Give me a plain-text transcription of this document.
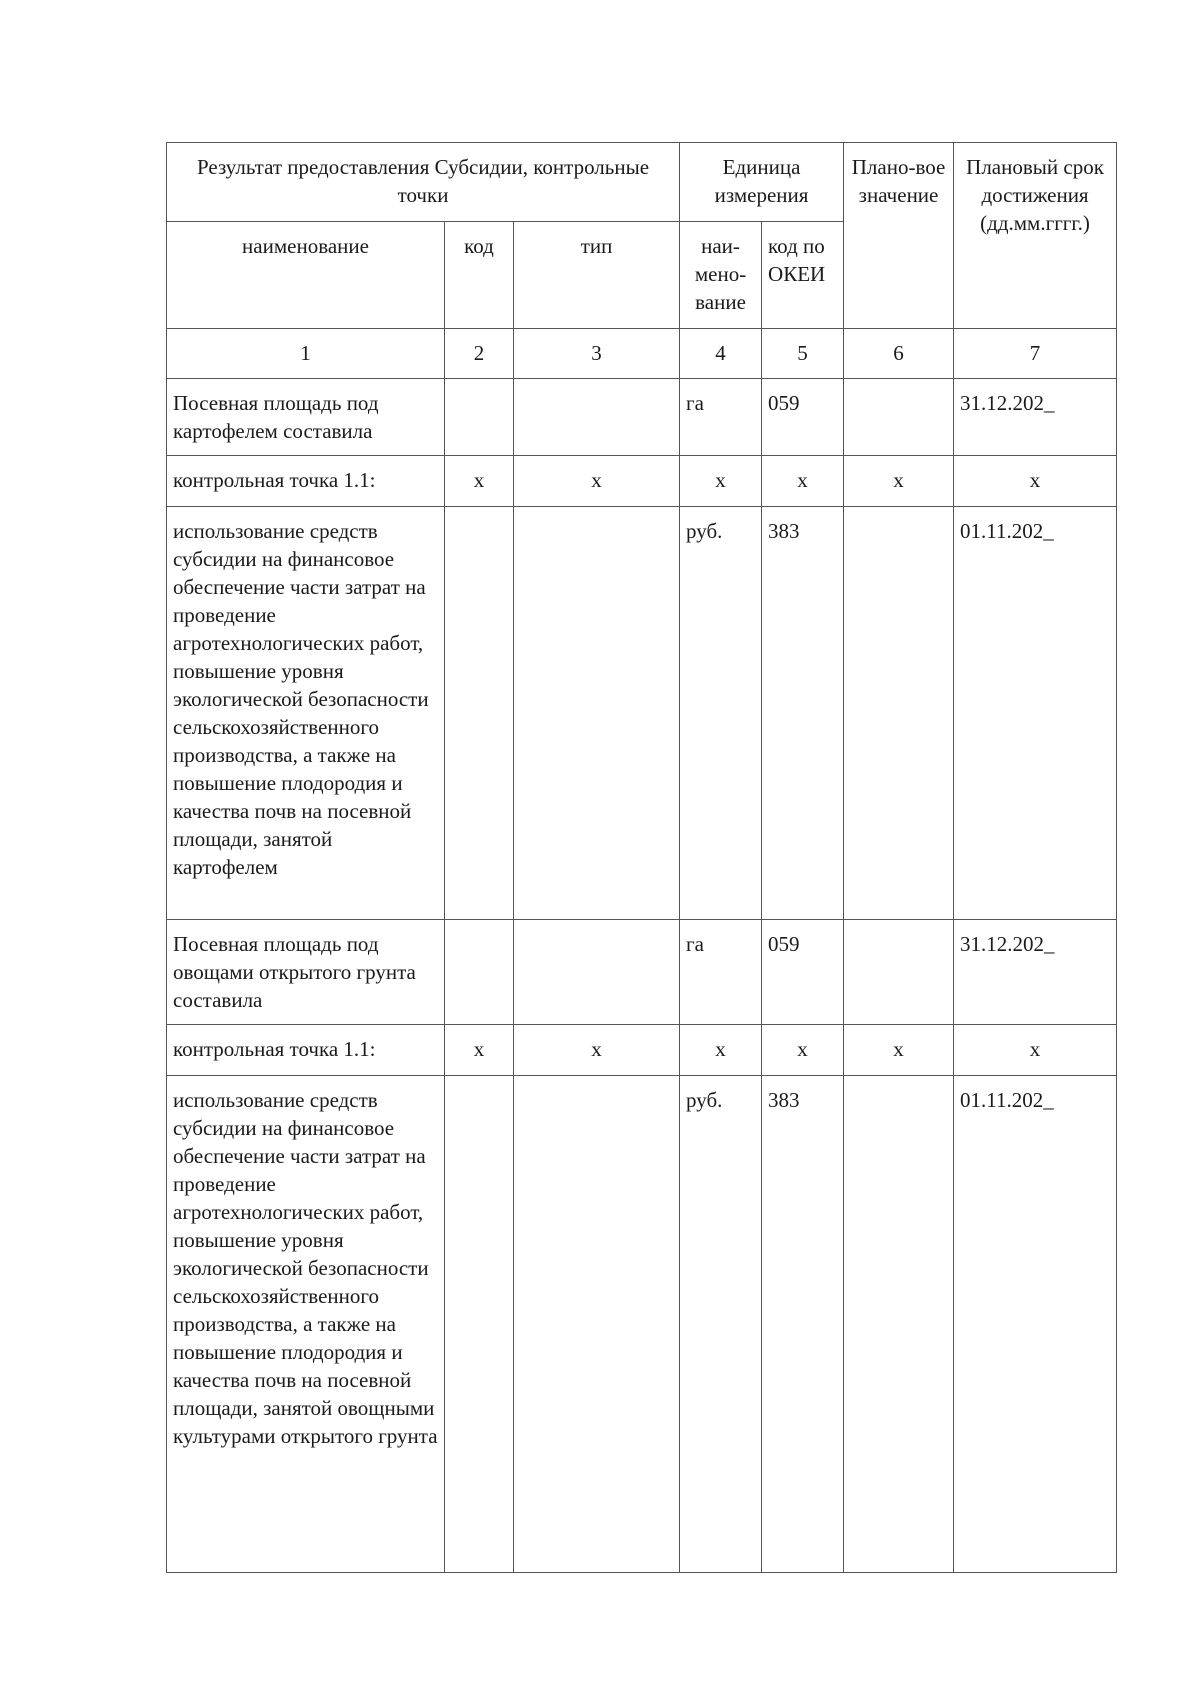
Результат предоставления Субсидии, контрольные точки			Единица измерения		Плано-вое значение	Плановый срок достижения (дд.мм.гггг.)
наименование	код	тип	наи-мено-вание	код по ОКЕИ		
1	2	3	4	5	6	7
Посевная площадь под картофелем составила			га	059		31.12.202_
контрольная точка 1.1:	x	x	x	x	x	x
использование средств субсидии на финансовое обеспечение части затрат на проведение агротехнологических работ, повышение уровня экологической безопасности сельскохозяйственного производства, а также на повышение плодородия и качества почв на посевной площади, занятой картофелем			руб.	383		01.11.202_
Посевная площадь под овощами открытого грунта составила			га	059		31.12.202_
контрольная точка 1.1:	x	x	x	x	x	x
использование средств субсидии на финансовое обеспечение части затрат на проведение агротехнологических работ, повышение уровня экологической безопасности сельскохозяйственного производства, а также на повышение плодородия и качества почв на посевной площади, занятой овощными культурами открытого грунта			руб.	383		01.11.202_
